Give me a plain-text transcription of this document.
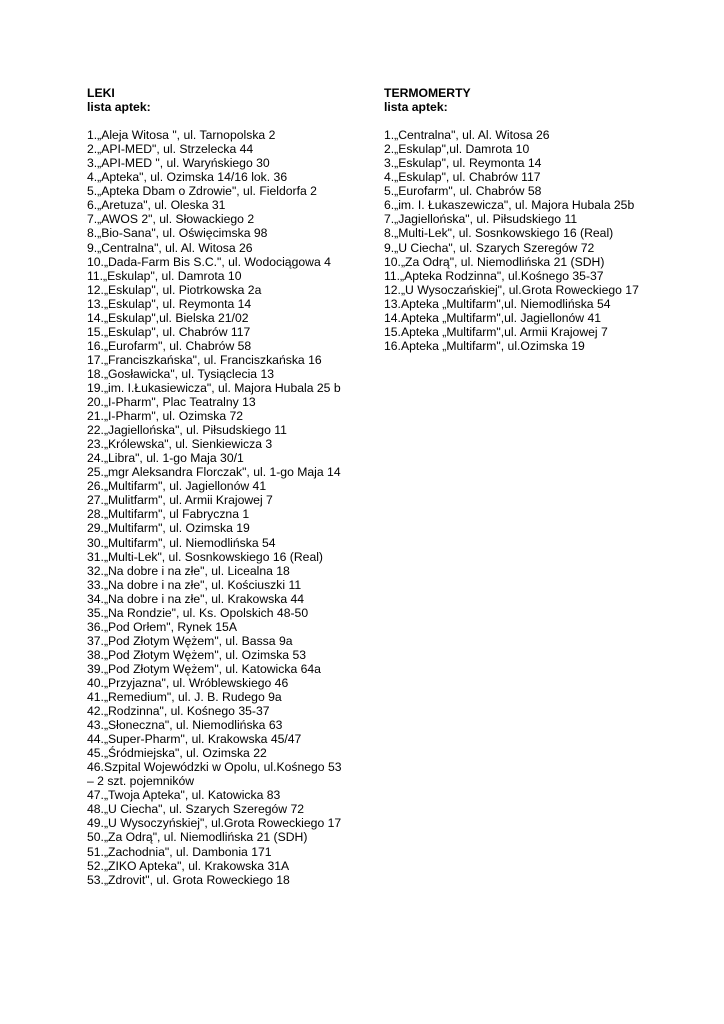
LEKI

lista aptek:

1.„Aleja Witosa ", ul. Tarnopolska 2
2.„API-MED", ul. Strzelecka 44
3.„API-MED ", ul. Waryńskiego 30
4.„Apteka", ul. Ozimska 14/16 lok. 36
5.„Apteka Dbam o Zdrowie", ul. Fieldorfa 2
6.„Aretuza", ul. Oleska 31
7.„AWOS 2", ul. Słowackiego 2
8.„Bio-Sana", ul. Oświęcimska 98
9.„Centralna", ul. Al. Witosa 26
10.„Dada-Farm Bis S.C.", ul. Wodociągowa 4
11.„Eskulap", ul. Damrota 10
12.„Eskulap", ul. Piotrkowska 2a
13.„Eskulap", ul. Reymonta 14
14.„Eskulap",ul. Bielska 21/02
15.„Eskulap", ul. Chabrów 117
16.„Eurofarm", ul. Chabrów 58
17.„Franciszkańska", ul. Franciszkańska 16
18.„Gosławicka", ul. Tysiąclecia 13
19.„im. I.Łukasiewicza", ul. Majora Hubala 25 b
20.„I-Pharm", Plac Teatralny 13
21.„I-Pharm", ul. Ozimska 72
22.„Jagiellońska", ul. Piłsudskiego 11
23.„Królewska", ul. Sienkiewicza 3
24.„Libra", ul. 1-go Maja 30/1
25.„mgr Aleksandra Florczak", ul. 1-go Maja 14
26.„Multifarm", ul. Jagiellonów 41
27.„Mulitfarm", ul. Armii Krajowej 7
28.„Multifarm", ul Fabryczna 1
29.„Multifarm", ul. Ozimska 19
30.„Multifarm", ul. Niemodlińska 54
31.„Multi-Lek", ul. Sosnkowskiego 16 (Real)
32.„Na dobre i na złe", ul. Licealna 18
33.„Na dobre i na złe", ul. Kościuszki 11
34.„Na dobre i na złe", ul. Krakowska 44
35.„Na Rondzie", ul. Ks. Opolskich 48-50
36.„Pod Orłem", Rynek 15A
37.„Pod Złotym Wężem", ul. Bassa 9a
38.„Pod Złotym Wężem", ul. Ozimska 53
39.„Pod Złotym Wężem", ul. Katowicka 64a
40.„Przyjazna", ul. Wróblewskiego 46
41.„Remedium", ul. J. B. Rudego 9a
42.„Rodzinna", ul. Kośnego 35-37
43.„Słoneczna", ul. Niemodlińska 63
44.„Super-Pharm", ul. Krakowska 45/47
45.„Śródmiejska", ul. Ozimska 22
46.Szpital Wojewódzki w Opolu, ul.Kośnego 53
– 2 szt. pojemników
47.„Twoja Apteka", ul. Katowicka 83
48.„U Ciecha", ul. Szarych Szeregów 72
49.„U Wysoczyńskiej", ul.Grota Roweckiego 17
50.„Za Odrą", ul. Niemodlińska 21 (SDH)
51.„Zachodnia", ul. Dambonia 171
52.„ZIKO Apteka", ul. Krakowska 31A
53.„Zdrovit", ul. Grota Roweckiego 18

TERMOMERTY

lista aptek:

1.„Centralna", ul. Al. Witosa 26
2.„Eskulap",ul. Damrota 10
3.„Eskulap", ul. Reymonta 14
4.„Eskulap", ul. Chabrów 117
5.„Eurofarm", ul. Chabrów 58
6.„im. I. Łukaszewicza", ul. Majora Hubala 25b
7.„Jagiellońska", ul. Piłsudskiego 11
8.„Multi-Lek", ul. Sosnkowskiego 16 (Real)
9.„U Ciecha", ul. Szarych Szeregów 72
10.„Za Odrą", ul. Niemodlińska 21 (SDH)
11.„Apteka Rodzinna", ul.Kośnego 35-37
12.„U Wysoczańskiej", ul.Grota Roweckiego 17
13.Apteka „Multifarm",ul. Niemodlińska 54
14.Apteka „Multifarm",ul. Jagiellonów 41
15.Apteka „Multifarm",ul. Armii Krajowej 7
16.Apteka „Multifarm", ul.Ozimska 19
